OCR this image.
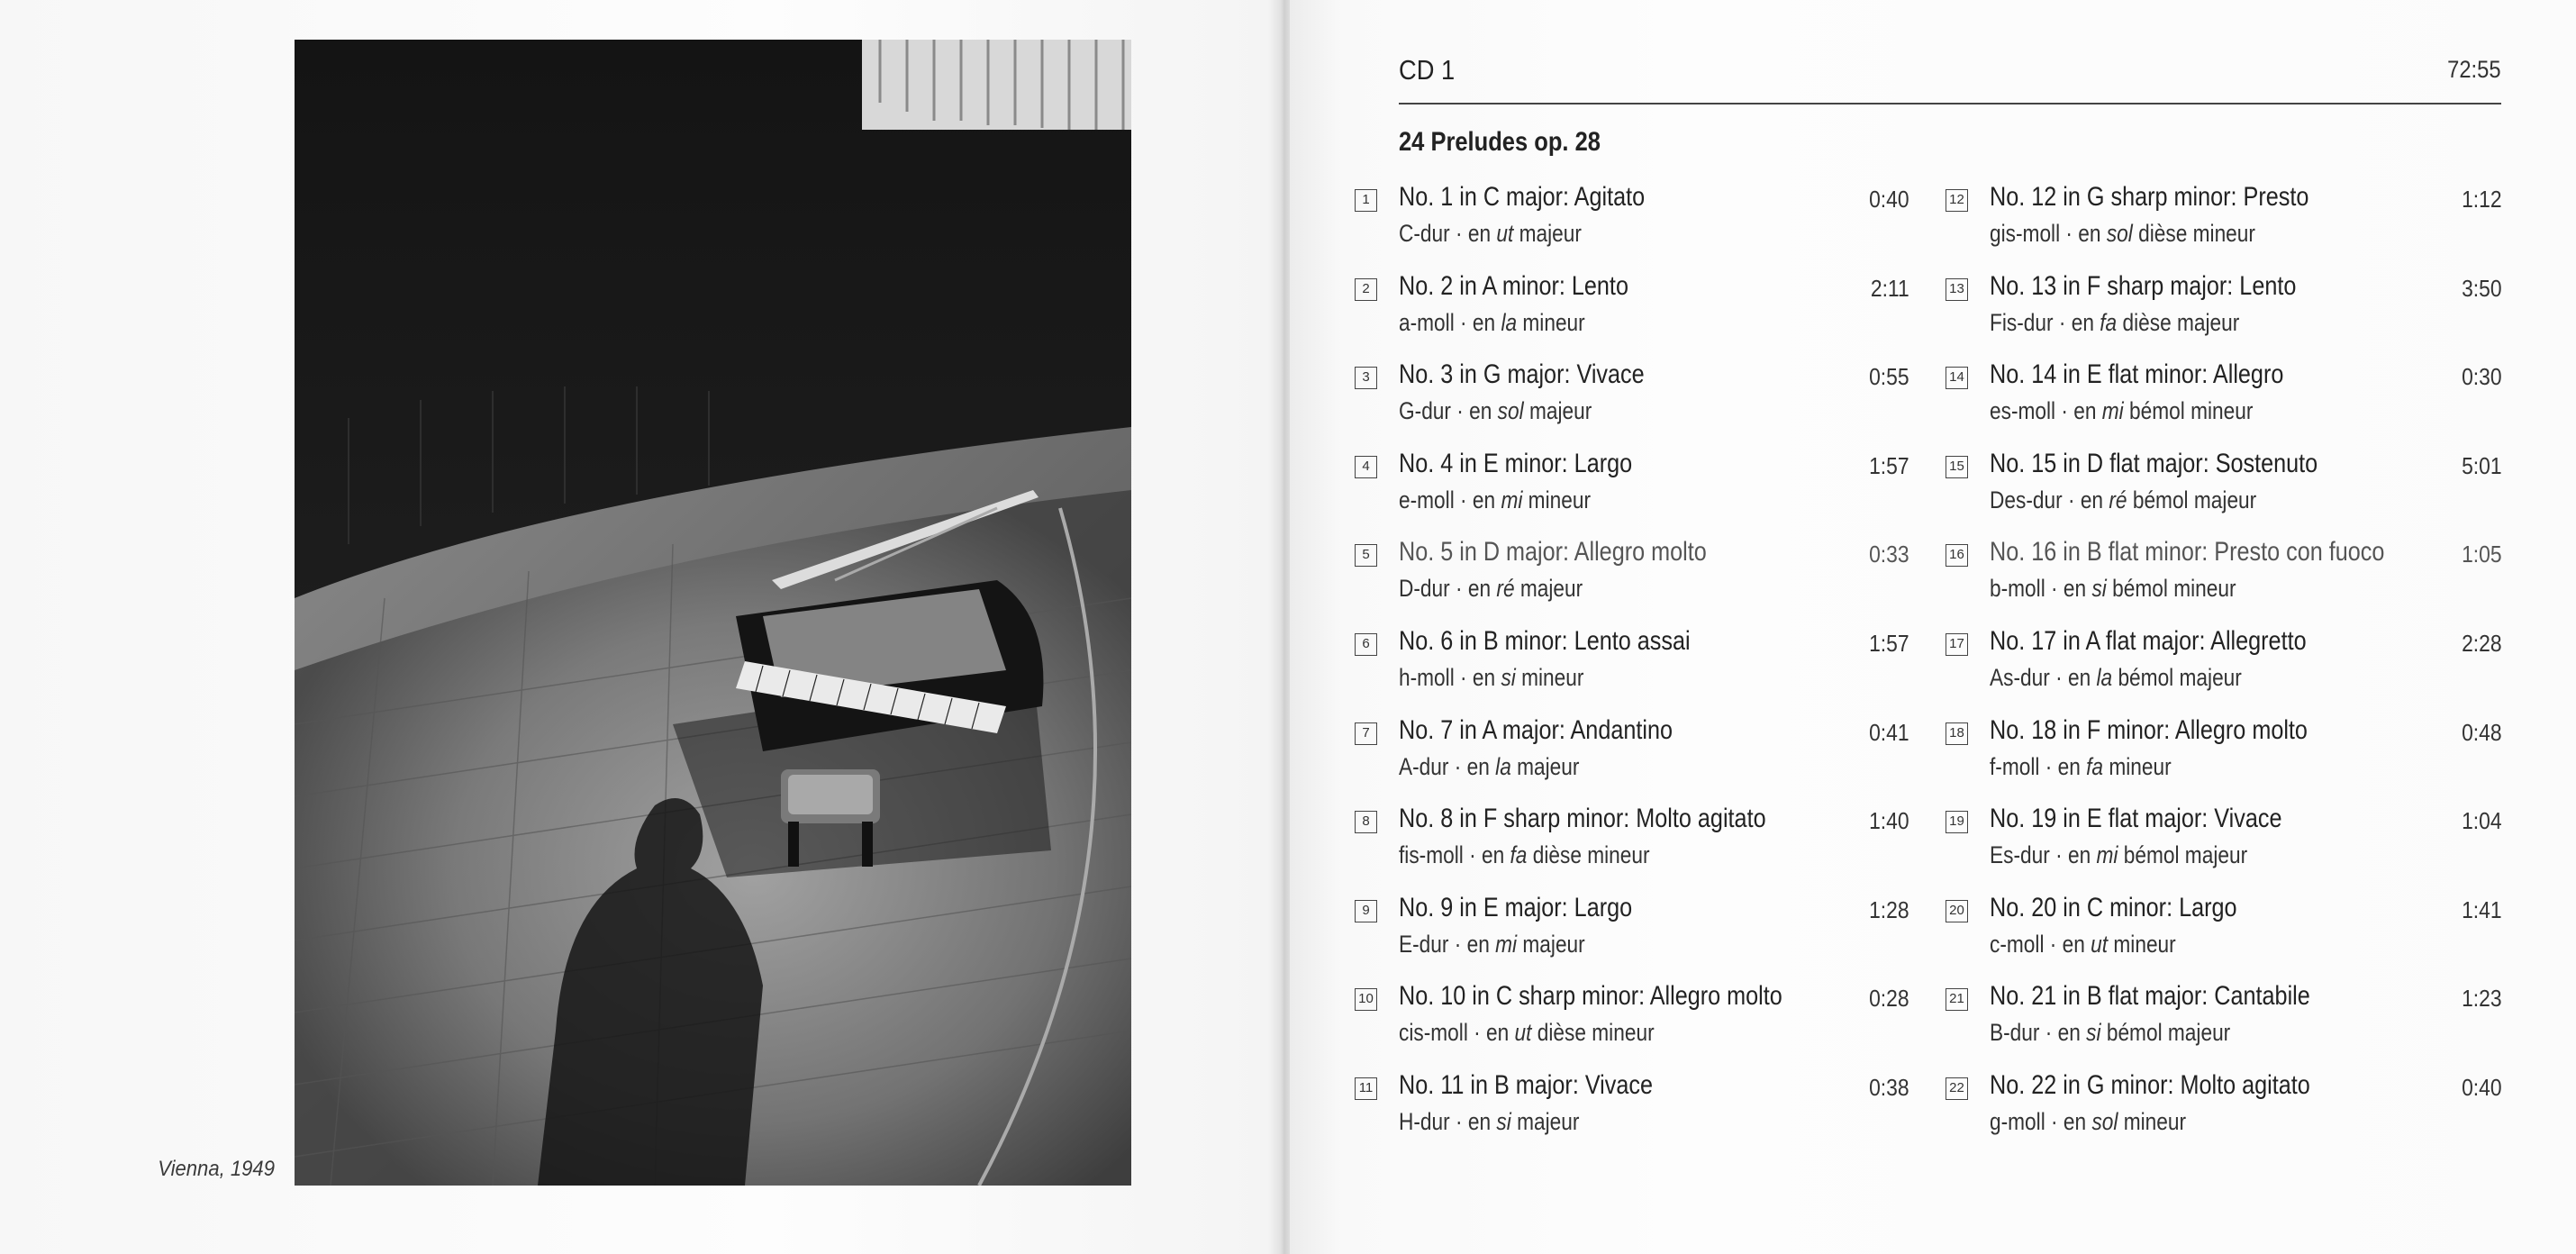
Vienna, 1949
CD 1	72:55
24 Preludes op. 28
1 No. 1 in C major: Agitato
C-dur · en ut majeur
0:40
2 No. 2 in A minor: Lento
a-moll · en la mineur
2:11
3 No. 3 in G major: Vivace
G-dur · en sol majeur
0:55
4 No. 4 in E minor: Largo
e-moll · en mi mineur
1:57
5 No. 5 in D major: Allegro molto
D-dur · en ré majeur
0:33
6 No. 6 in B minor: Lento assai
h-moll · en si mineur
1:57
7 No. 7 in A major: Andantino
A-dur · en la majeur
0:41
8 No. 8 in F sharp minor: Molto agitato
fis-moll · en fa dièse mineur
1:40
9 No. 9 in E major: Largo
E-dur · en mi majeur
1:28
10 No. 10 in C sharp minor: Allegro molto
cis-moll · en ut dièse mineur
0:28
11 No. 11 in B major: Vivace
H-dur · en si majeur
0:38
12 No. 12 in G sharp minor: Presto
gis-moll · en sol dièse mineur
1:12
13 No. 13 in F sharp major: Lento
Fis-dur · en fa dièse majeur
3:50
14 No. 14 in E flat minor: Allegro
es-moll · en mi bémol mineur
0:30
15 No. 15 in D flat major: Sostenuto
Des-dur · en ré bémol majeur
5:01
16 No. 16 in B flat minor: Presto con fuoco
b-moll · en si bémol mineur
1:05
17 No. 17 in A flat major: Allegretto
As-dur · en la bémol majeur
2:28
18 No. 18 in F minor: Allegro molto
f-moll · en fa mineur
0:48
19 No. 19 in E flat major: Vivace
Es-dur · en mi bémol majeur
1:04
20 No. 20 in C minor: Largo
c-moll · en ut mineur
1:41
21 No. 21 in B flat major: Cantabile
B-dur · en si bémol majeur
1:23
22 No. 22 in G minor: Molto agitato
g-moll · en sol mineur
0:40
